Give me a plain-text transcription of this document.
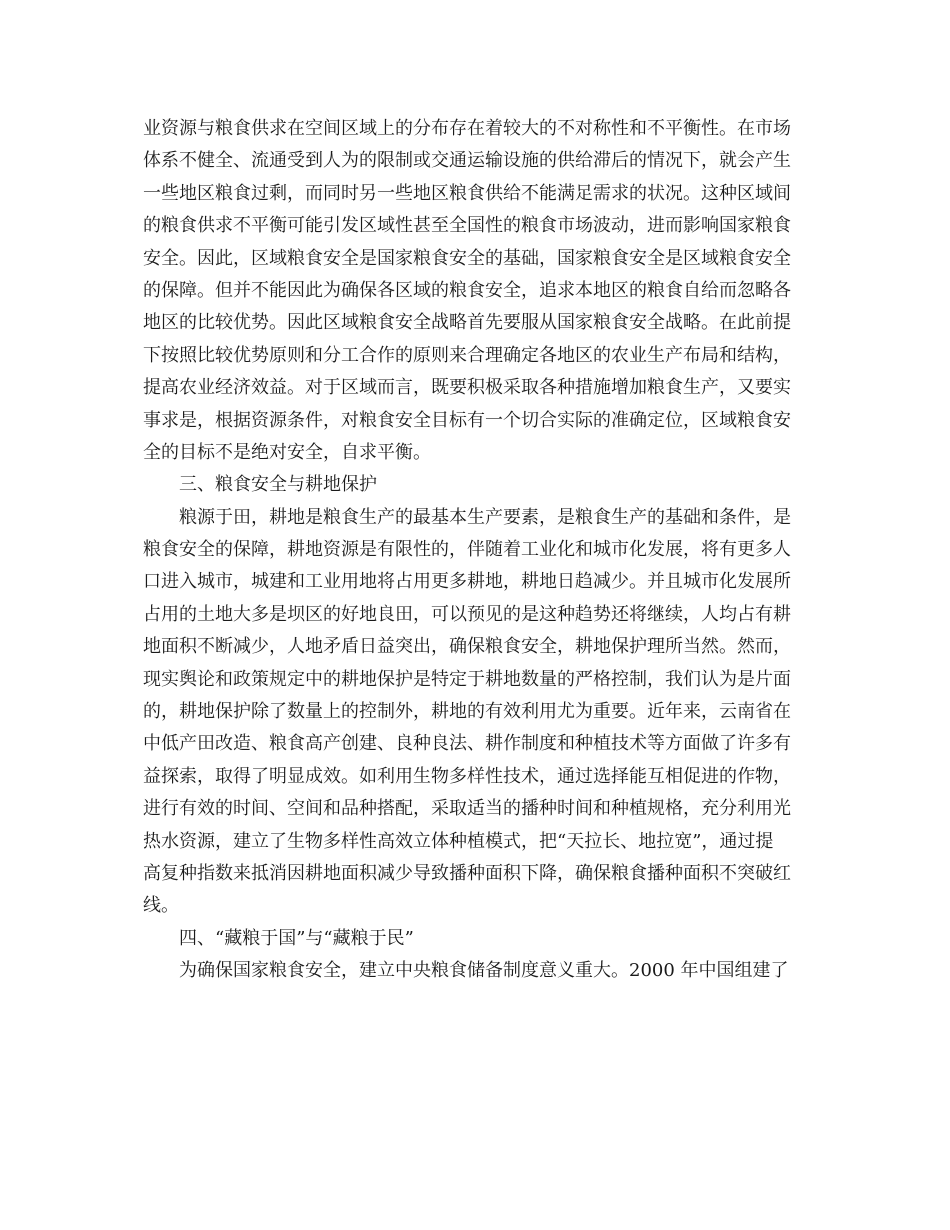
业资源与粮食供求在空间区域上的分布存在着较大的不对称性和不平衡性。在市场
体系不健全、流通受到人为的限制或交通运输设施的供给滞后的情况下，就会产生
一些地区粮食过剩，而同时另一些地区粮食供给不能满足需求的状况。这种区域间
的粮食供求不平衡可能引发区域性甚至全国性的粮食市场波动，进而影响国家粮食
安全。因此，区域粮食安全是国家粮食安全的基础，国家粮食安全是区域粮食安全
的保障。但并不能因此为确保各区域的粮食安全，追求本地区的粮食自给而忽略各
地区的比较优势。因此区域粮食安全战略首先要服从国家粮食安全战略。在此前提
下按照比较优势原则和分工合作的原则来合理确定各地区的农业生产布局和结构，
提高农业经济效益。对于区域而言，既要积极采取各种措施增加粮食生产，又要实
事求是，根据资源条件，对粮食安全目标有一个切合实际的准确定位，区域粮食安
全的目标不是绝对安全，自求平衡。
三、粮食安全与耕地保护
粮源于田，耕地是粮食生产的最基本生产要素，是粮食生产的基础和条件，是
粮食安全的保障，耕地资源是有限性的，伴随着工业化和城市化发展，将有更多人
口进入城市，城建和工业用地将占用更多耕地，耕地日趋减少。并且城市化发展所
占用的土地大多是坝区的好地良田，可以预见的是这种趋势还将继续，人均占有耕
地面积不断减少，人地矛盾日益突出，确保粮食安全，耕地保护理所当然。然而，
现实舆论和政策规定中的耕地保护是特定于耕地数量的严格控制，我们认为是片面
的，耕地保护除了数量上的控制外，耕地的有效利用尤为重要。近年来，云南省在
中低产田改造、粮食高产创建、良种良法、耕作制度和种植技术等方面做了许多有
益探索，取得了明显成效。如利用生物多样性技术，通过选择能互相促进的作物，
进行有效的时间、空间和品种搭配，采取适当的播种时间和种植规格，充分利用光
热水资源，建立了生物多样性高效立体种植模式，把“天拉长、地拉宽”，通过提
高复种指数来抵消因耕地面积减少导致播种面积下降，确保粮食播种面积不突破红
线。
四、“藏粮于国”与“藏粮于民”
为确保国家粮食安全，建立中央粮食储备制度意义重大。2000 年中国组建了
